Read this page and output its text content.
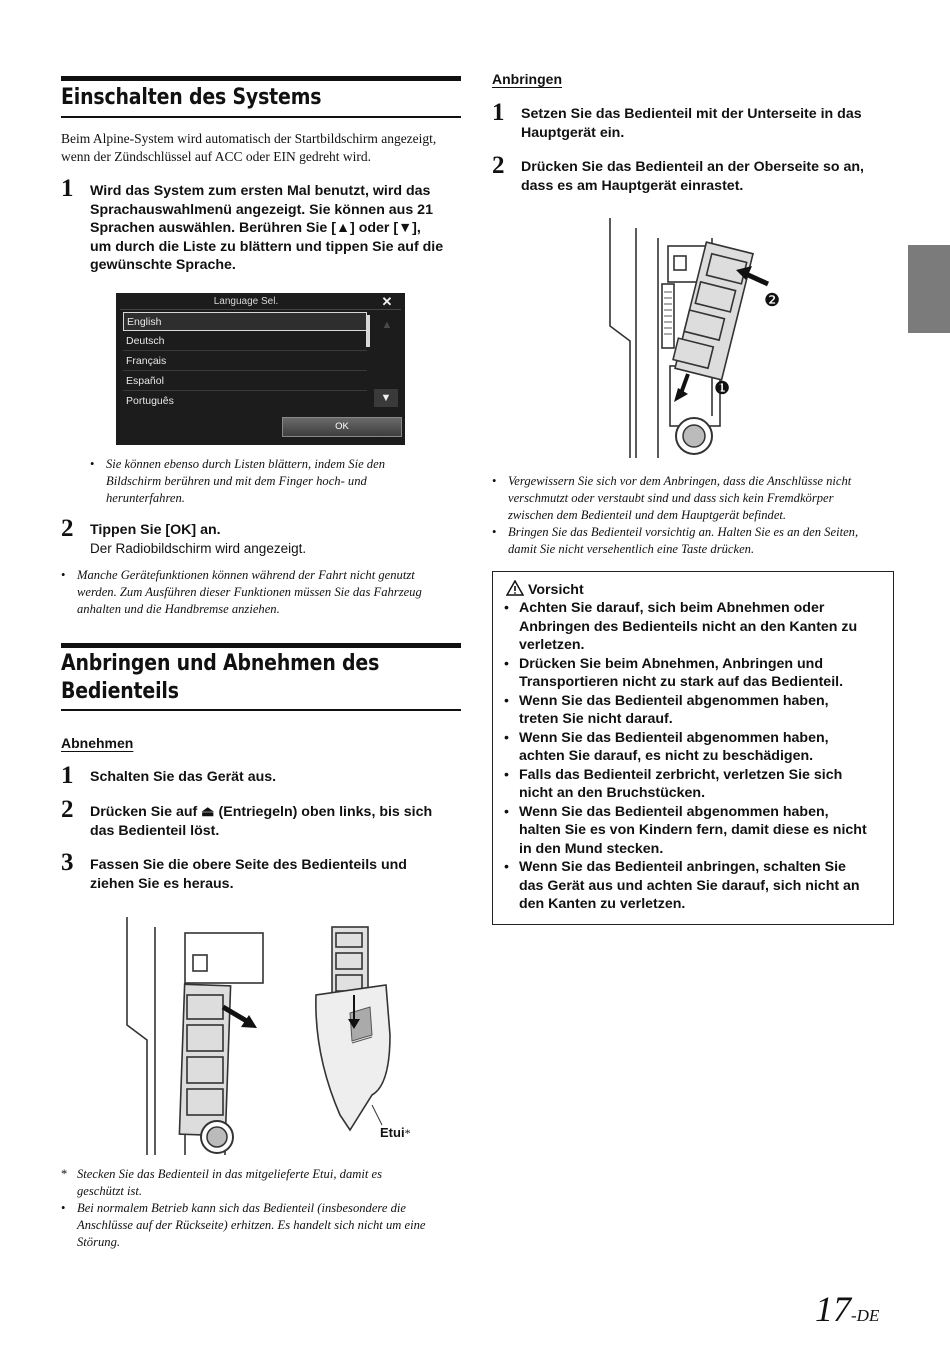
Einschalten des Systems
Beim Alpine-System wird automatisch der Startbildschirm angezeigt,
wenn der Zündschlüssel auf ACC oder EIN gedreht wird.
1 Wird das System zum ersten Mal benutzt, wird das
Sprachauswahlmenü angezeigt. Sie können aus 21
Sprachen auswählen. Berühren Sie [▲] oder [▼],
um durch die Liste zu blättern und tippen Sie auf die
gewünschte Sprache.
Language Sel.	✕
English
Deutsch
Français
Español
Português
▲
▼
OK
• Sie können ebenso durch Listen blättern, indem Sie den
Bildschirm berühren und mit dem Finger hoch- und
herunterfahren.
2 Tippen Sie [OK] an.
Der Radiobildschirm wird angezeigt.
• Manche Gerätefunktionen können während der Fahrt nicht genutzt
werden. Zum Ausführen dieser Funktionen müssen Sie das Fahrzeug
anhalten und die Handbremse anziehen.
Anbringen und Abnehmen des
Bedienteils
Abnehmen
1 Schalten Sie das Gerät aus.
2 Drücken Sie auf ⏏ (Entriegeln) oben links, bis sich
das Bedienteil löst.
3 Fassen Sie die obere Seite des Bedienteils und
ziehen Sie es heraus.
Etui*
* Stecken Sie das Bedienteil in das mitgelieferte Etui, damit es
geschützt ist.
• Bei normalem Betrieb kann sich das Bedienteil (insbesondere die
Anschlüsse auf der Rückseite) erhitzen. Es handelt sich nicht um eine
Störung.
Anbringen
1 Setzen Sie das Bedienteil mit der Unterseite in das
Hauptgerät ein.
2 Drücken Sie das Bedienteil an der Oberseite so an,
dass es am Hauptgerät einrastet.
❷
❶
• Vergewissern Sie sich vor dem Anbringen, dass die Anschlüsse nicht
verschmutzt oder verstaubt sind und dass sich kein Fremdkörper
zwischen dem Bedienteil und dem Hauptgerät befindet.
• Bringen Sie das Bedienteil vorsichtig an. Halten Sie es an den Seiten,
damit Sie nicht versehentlich eine Taste drücken.
Vorsicht
• Achten Sie darauf, sich beim Abnehmen oder
Anbringen des Bedienteils nicht an den Kanten zu
verletzen.
• Drücken Sie beim Abnehmen, Anbringen und
Transportieren nicht zu stark auf das Bedienteil.
• Wenn Sie das Bedienteil abgenommen haben,
treten Sie nicht darauf.
• Wenn Sie das Bedienteil abgenommen haben,
achten Sie darauf, es nicht zu beschädigen.
• Falls das Bedienteil zerbricht, verletzen Sie sich
nicht an den Bruchstücken.
• Wenn Sie das Bedienteil abgenommen haben,
halten Sie es von Kindern fern, damit diese es nicht
in den Mund stecken.
• Wenn Sie das Bedienteil anbringen, schalten Sie
das Gerät aus und achten Sie darauf, sich nicht an
den Kanten zu verletzen.
17-DE
